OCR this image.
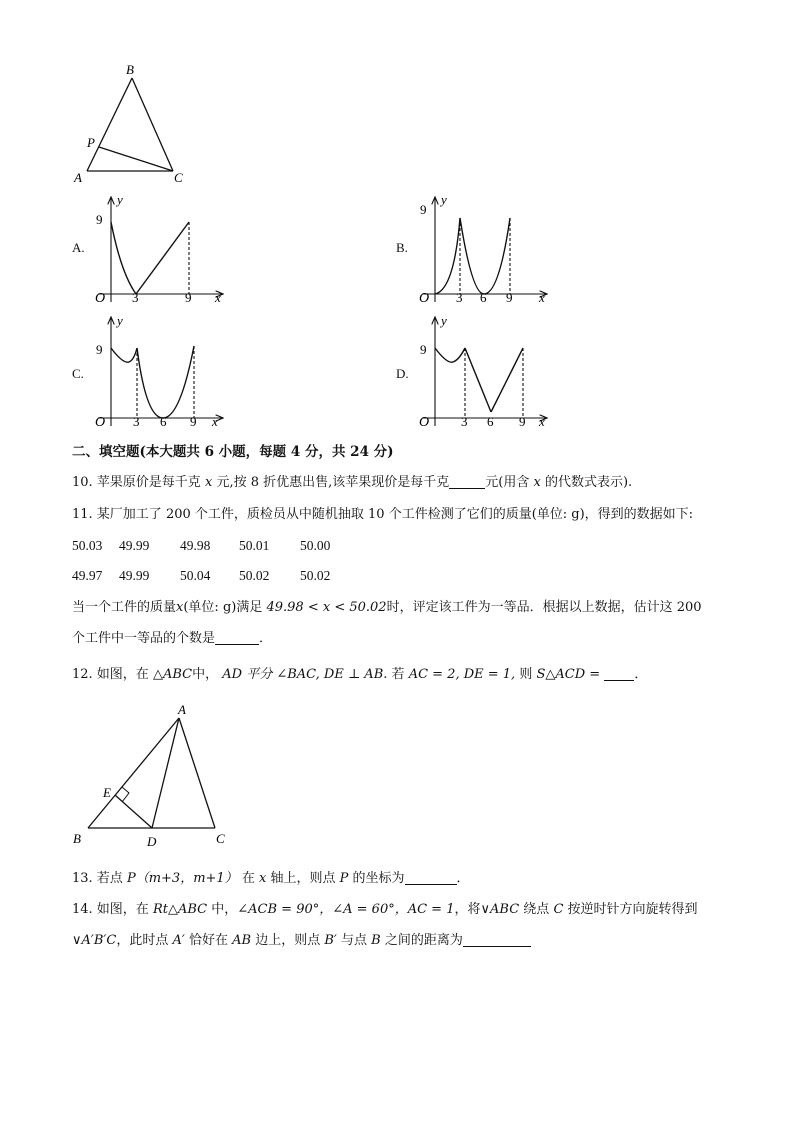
B
P
A	C
A.
y
9
O 3	9 x
B.
y
9
O 3 6 9 x
C.
y
9
O 3 6 9 x
D.
y
9
O 3 6 9 x
二、填空题(本大题共 6 小题，每题 4 分，共 24 分)
10. 苹果原价是每千克 x 元,按 8 折优惠出售,该苹果现价是每千克	元(用含 x 的代数式表示).
11. 某厂加工了 200 个工件，质检员从中随机抽取 10 个工件检测了它们的质量(单位: g)，得到的数据如下:
50.03 49.99 49.98 50.01 50.00
49.97 49.99 50.04 50.02 50.02
当一个工件的质量x(单位: g)满足 49.98 < x < 50.02时，评定该工件为一等品．根据以上数据，估计这 200
个工件中一等品的个数是	．
12. 如图，在 △ABC中， AD 平分 ∠BAC, DE ⊥ AB. 若 AC = 2, DE = 1, 则 S△ACD =	．
A
E
B	D	C
13. 若点 P（m+3，m+1） 在 x 轴上，则点 P 的坐标为	．
14. 如图，在 Rt△ABC 中，∠ACB = 90°，∠A = 60°，AC = 1，将∨ABC 绕点 C 按逆时针方向旋转得到
∨A′B′C，此时点 A′ 恰好在 AB 边上，则点 B′ 与点 B 之间的距离为
